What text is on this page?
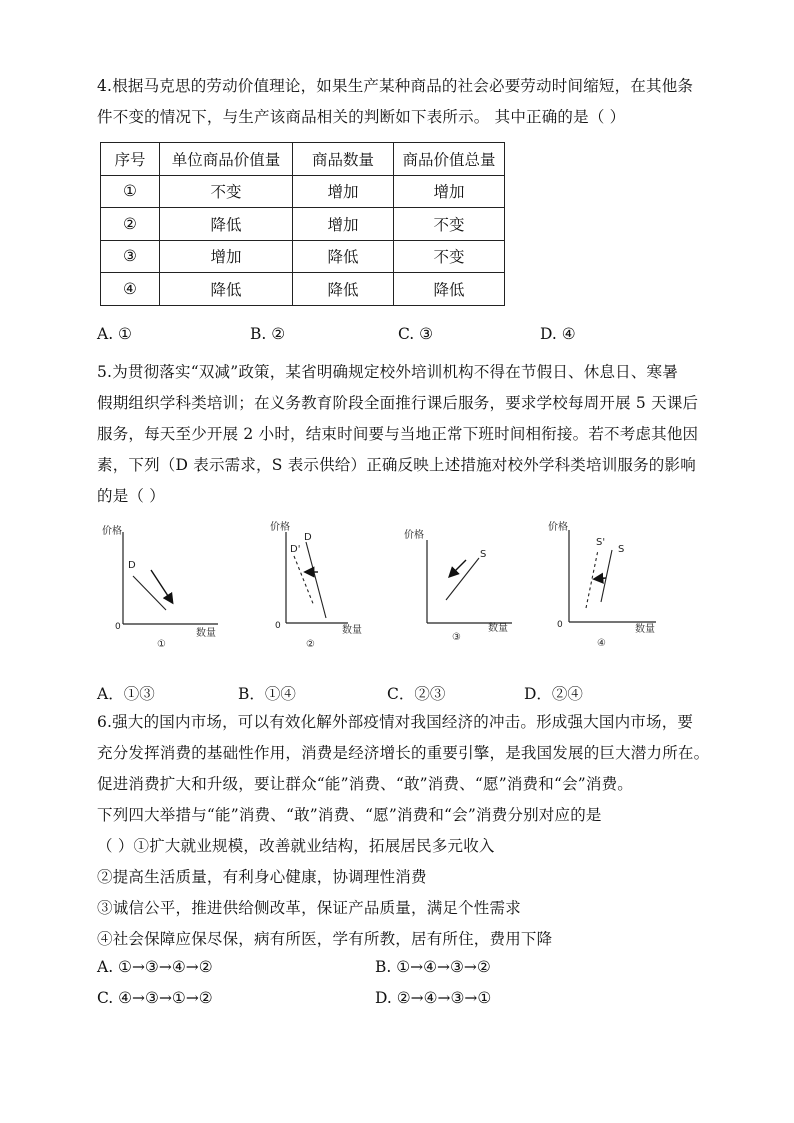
4.根据马克思的劳动价值理论，如果生产某种商品的社会必要劳动时间缩短，在其他条
件不变的情况下，与生产该商品相关的判断如下表所示。 其中正确的是（ ）
序号	单位商品价值量	商品数量	商品价值总量
①	不变	增加	增加
②	降低	增加	不变
③	增加	降低	不变
④	降低	降低	降低
A. ①	B. ②	C. ③	D. ④
5.为贯彻落实“双减”政策，某省明确规定校外培训机构不得在节假日、休息日、寒暑
假期组织学科类培训；在义务教育阶段全面推行课后服务，要求学校每周开展 5 天课后
服务，每天至少开展 2 小时，结束时间要与当地正常下班时间相衔接。若不考虑其他因
素，下列（D 表示需求，S 表示供给）正确反映上述措施对校外学科类培训服务的影响
的是（ ）
价格
数量
0
D
①
价格
数量
0
D
D'
②
价格
数量
S
③
价格
数量
0
S
S'
④
A．①③	B．①④	C．②③	D．②④
6.强大的国内市场，可以有效化解外部疫情对我国经济的冲击。形成强大国内市场，要
充分发挥消费的基础性作用，消费是经济增长的重要引擎，是我国发展的巨大潜力所在。
促进消费扩大和升级，要让群众“能”消费、“敢”消费、“愿”消费和“会”消费。
下列四大举措与“能”消费、“敢”消费、“愿”消费和“会”消费分别对应的是
（ ）①扩大就业规模，改善就业结构，拓展居民多元收入
②提高生活质量，有利身心健康，协调理性消费
③诚信公平，推进供给侧改革，保证产品质量，满足个性需求
④社会保障应保尽保，病有所医，学有所教，居有所住，费用下降
A. ①→③→④→②	B. ①→④→③→②
C. ④→③→①→②	D. ②→④→③→①
